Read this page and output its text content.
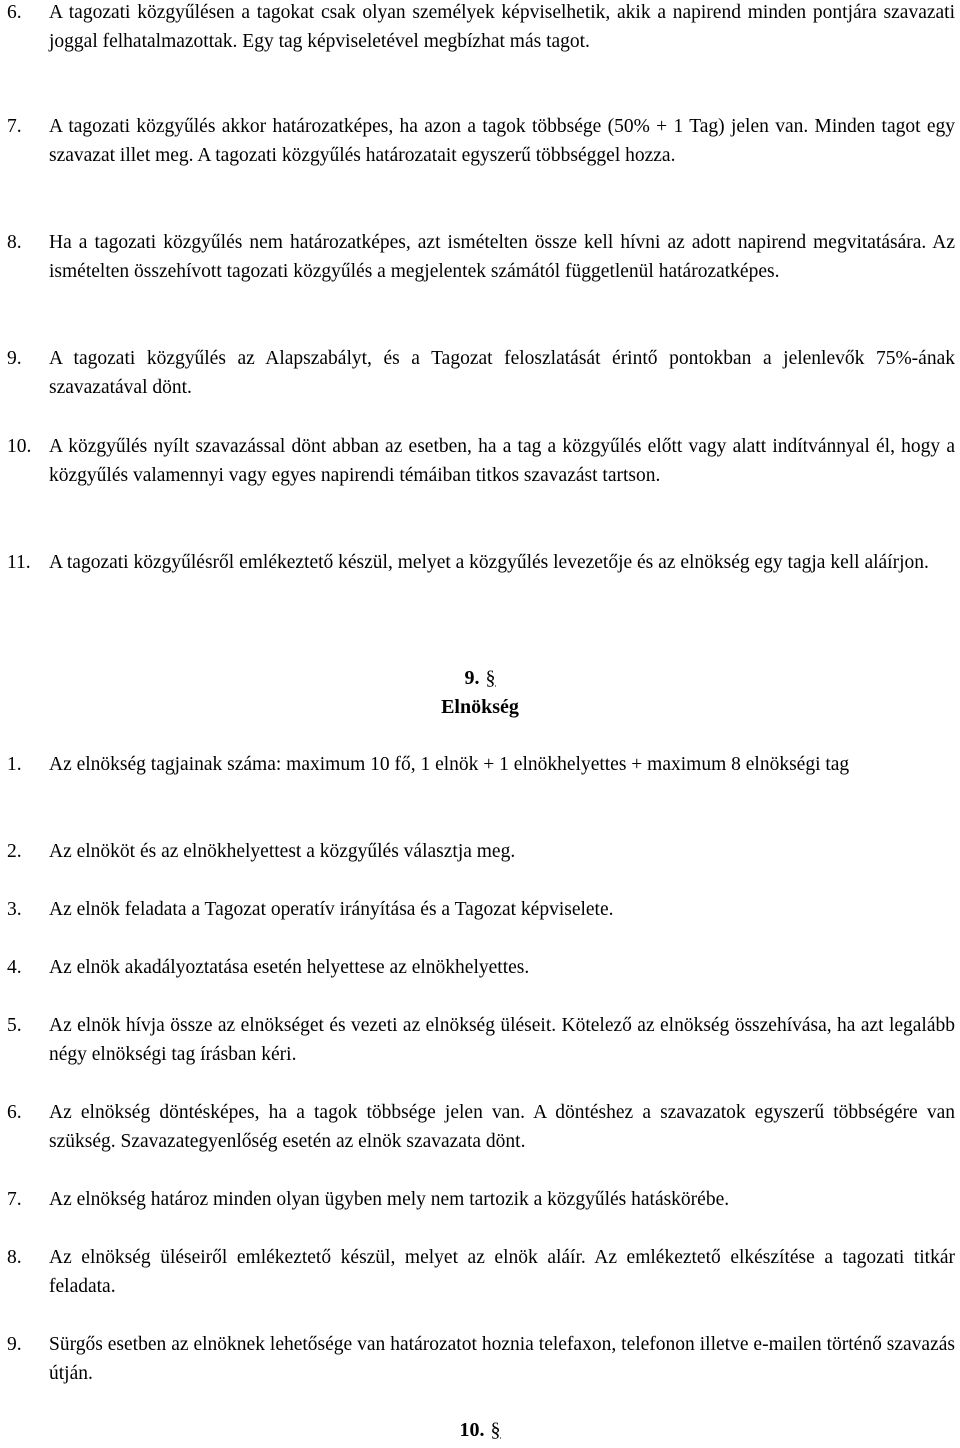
6. A tagozati közgyűlésen a tagokat csak olyan személyek képviselhetik, akik a napirend minden pontjára szavazati joggal felhatalmazottak. Egy tag képviseletével megbízhat más tagot.
7. A tagozati közgyűlés akkor határozatképes, ha azon a tagok többsége (50% + 1 Tag) jelen van. Minden tagot egy szavazat illet meg. A tagozati közgyűlés határozatait egyszerű többséggel hozza.
8. Ha a tagozati közgyűlés nem határozatképes, azt ismételten össze kell hívni az adott napirend megvitatására. Az ismételten összehívott tagozati közgyűlés a megjelentek számától függetlenül határozatképes.
9. A tagozati közgyűlés az Alapszabályt, és a Tagozat feloszlatását érintő pontokban a jelenlevők 75%-ának szavazatával dönt.
10. A közgyűlés nyílt szavazással dönt abban az esetben, ha a tag a közgyűlés előtt vagy alatt indítvánnyal él, hogy a közgyűlés valamennyi vagy egyes napirendi témáiban titkos szavazást tartson.
11. A tagozati közgyűlésről emlékeztető készül, melyet a közgyűlés levezetője és az elnökség egy tagja kell aláírjon.
9. §
Elnökség
1. Az elnökség tagjainak száma: maximum 10 fő, 1 elnök + 1 elnökhelyettes + maximum 8 elnökségi tag
2. Az elnököt és az elnökhelyettest a közgyűlés választja meg.
3. Az elnök feladata a Tagozat operatív irányítása és a Tagozat képviselete.
4. Az elnök akadályoztatása esetén helyettese az elnökhelyettes.
5. Az elnök hívja össze az elnökséget és vezeti az elnökség üléseit. Kötelező az elnökség összehívása, ha azt legalább négy elnökségi tag írásban kéri.
6. Az elnökség döntésképes, ha a tagok többsége jelen van. A döntéshez a szavazatok egyszerű többségére van szükség. Szavazategyenlőség esetén az elnök szavazata dönt.
7. Az elnökség határoz minden olyan ügyben mely nem tartozik a közgyűlés hatáskörébe.
8. Az elnökség üléseiről emlékeztető készül, melyet az elnök aláír. Az emlékeztető elkészítése a tagozati titkár feladata.
9. Sürgős esetben az elnöknek lehetősége van határozatot hoznia telefaxon, telefonon illetve e-mailen történő szavazás útján.
10. §
